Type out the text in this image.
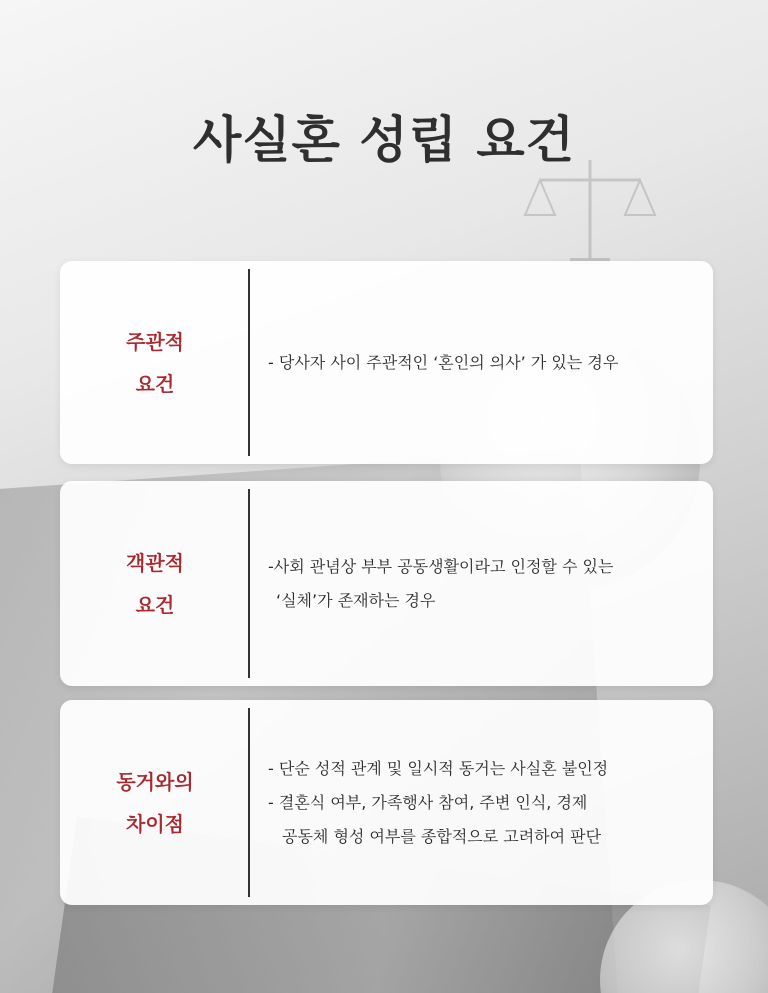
사실혼 성립 요건
주관적
요건
- 당사자 사이 주관적인 ‘혼인의 의사’ 가 있는 경우
객관적
요건
-사회 관념상 부부 공동생활이라고 인정할 수 있는
‘실체’가 존재하는 경우
동거와의
차이점
- 단순 성적 관계 및 일시적 동거는 사실혼 불인정
- 결혼식 여부, 가족행사 참여, 주변 인식, 경제
공동체 형성 여부를 종합적으로 고려하여 판단
